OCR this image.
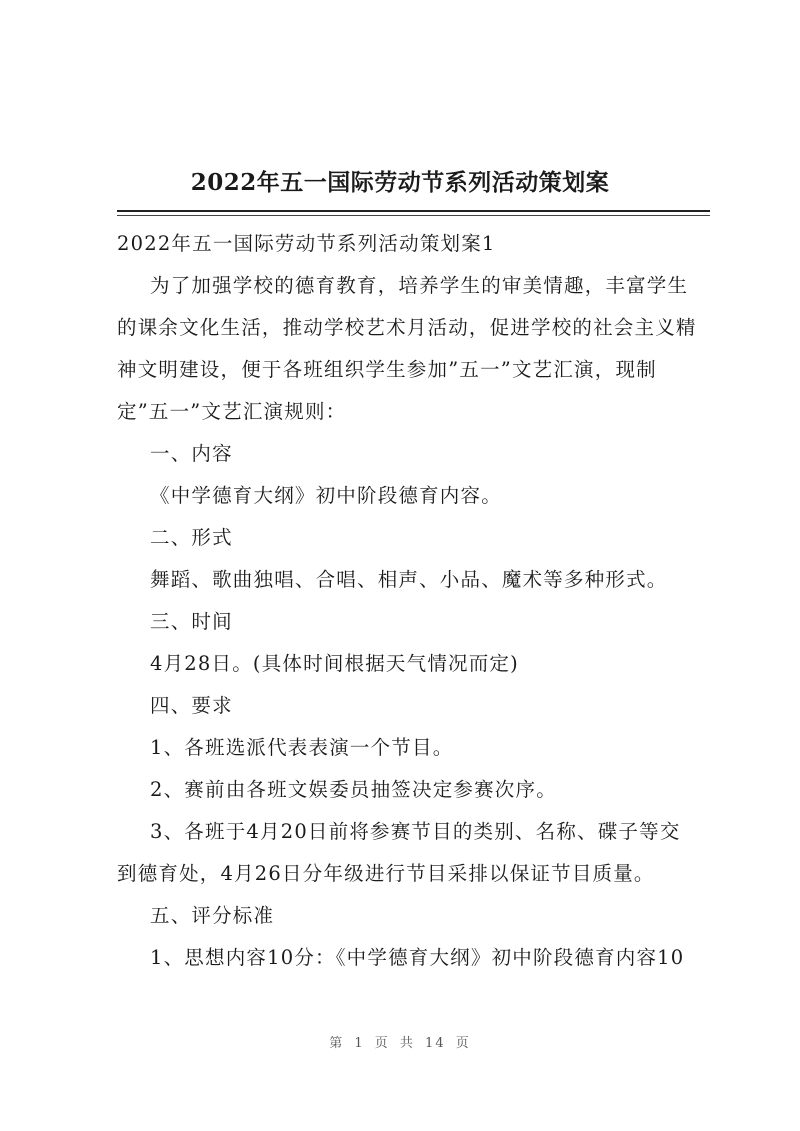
2022年五一国际劳动节系列活动策划案
2022年五一国际劳动节系列活动策划案1
为了加强学校的德育教育，培养学生的审美情趣，丰富学生
的课余文化生活，推动学校艺术月活动，促进学校的社会主义精
神文明建设，便于各班组织学生参加”五一”文艺汇演，现制
定”五一”文艺汇演规则：
一、内容
《中学德育大纲》初中阶段德育内容。
二、形式
舞蹈、歌曲独唱、合唱、相声、小品、魔术等多种形式。
三、时间
4月28日。(具体时间根据天气情况而定)
四、要求
1、各班选派代表表演一个节目。
2、赛前由各班文娱委员抽签决定参赛次序。
3、各班于4月20日前将参赛节目的类别、名称、碟子等交
到德育处，4月26日分年级进行节目采排以保证节目质量。
五、评分标准
1、思想内容10分：《中学德育大纲》初中阶段德育内容10
第 1 页 共 14 页
